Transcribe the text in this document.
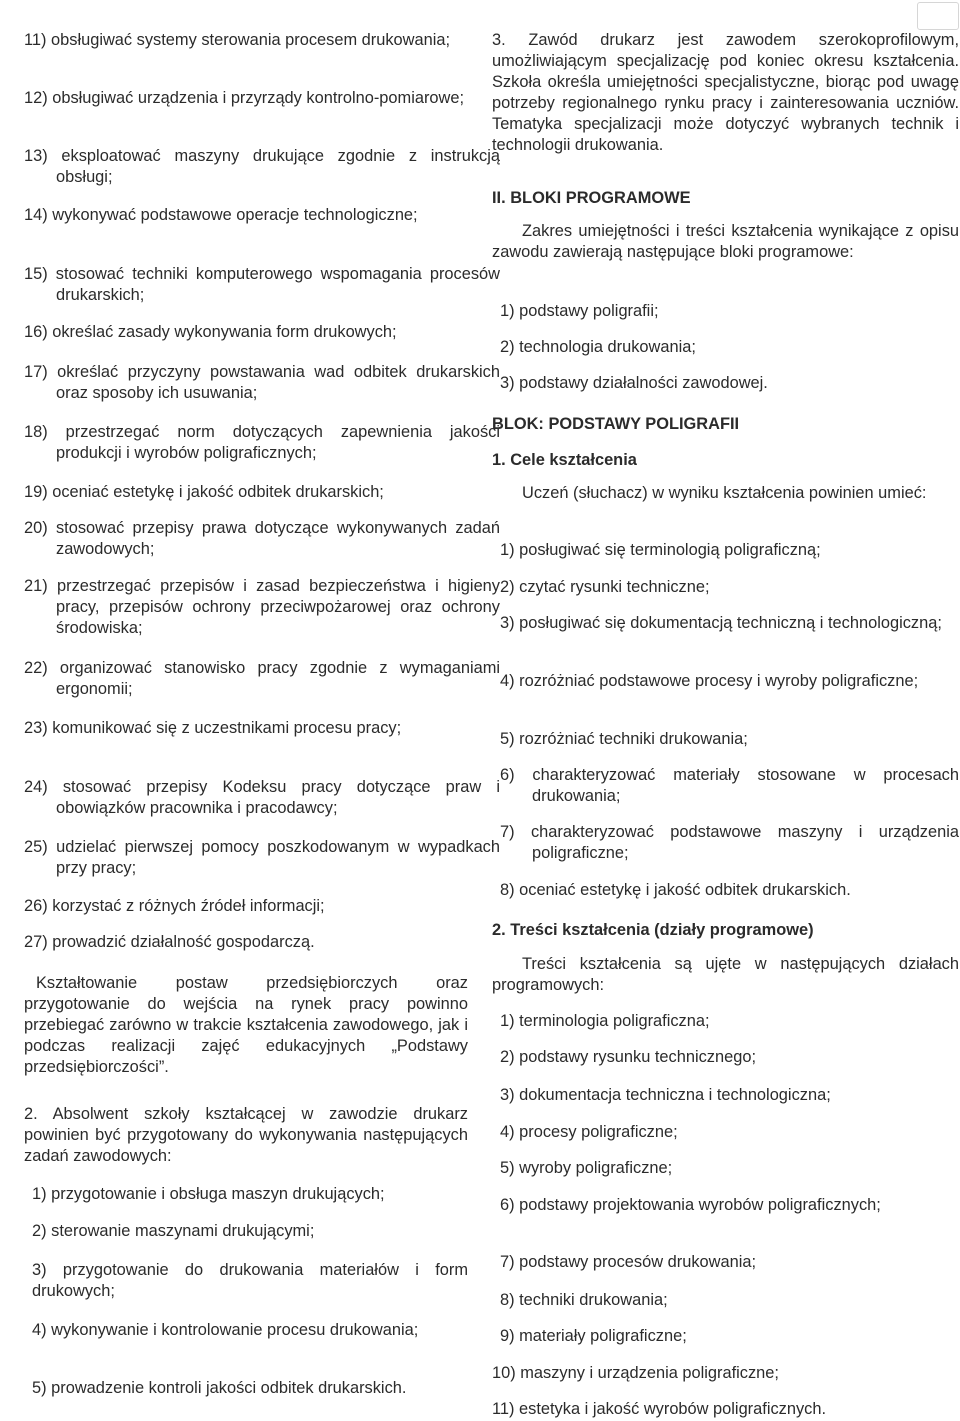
11) obsługiwać systemy sterowania procesem drukowania;

12) obsługiwać urządzenia i przyrządy kontrolno-pomiarowe;

13) eksploatować maszyny drukujące zgodnie z instrukcją obsługi;

14) wykonywać podstawowe operacje technologiczne;

15) stosować techniki komputerowego wspomagania procesów drukarskich;

16) określać zasady wykonywania form drukowych;

17) określać przyczyny powstawania wad odbitek drukarskich oraz sposoby ich usuwania;

18) przestrzegać norm dotyczących zapewnienia jakości produkcji i wyrobów poligraficznych;

19) oceniać estetykę i jakość odbitek drukarskich;

20) stosować przepisy prawa dotyczące wykonywanych zadań zawodowych;

21) przestrzegać przepisów i zasad bezpieczeństwa i higieny pracy, przepisów ochrony przeciwpożarowej oraz ochrony środowiska;

22) organizować stanowisko pracy zgodnie z wymaganiami ergonomii;

23) komunikować się z uczestnikami procesu pracy;

24) stosować przepisy Kodeksu pracy dotyczące praw i obowiązków pracownika i pracodawcy;

25) udzielać pierwszej pomocy poszkodowanym w wypadkach przy pracy;

26) korzystać z różnych źródeł informacji;

27) prowadzić działalność gospodarczą.

Kształtowanie postaw przedsiębiorczych oraz przygotowanie do wejścia na rynek pracy powinno przebiegać zarówno w trakcie kształcenia zawodowego, jak i podczas realizacji zajęć edukacyjnych „Podstawy przedsiębiorczości”.

2. Absolwent szkoły kształcącej w zawodzie drukarz powinien być przygotowany do wykonywania następujących zadań zawodowych:

1) przygotowanie i obsługa maszyn drukujących;

2) sterowanie maszynami drukującymi;

3) przygotowanie do drukowania materiałów i form drukowych;

4) wykonywanie i kontrolowanie procesu drukowania;

5) prowadzenie kontroli jakości odbitek drukarskich.

3. Zawód drukarz jest zawodem szerokoprofilowym, umożliwiającym specjalizację pod koniec okresu kształcenia. Szkoła określa umiejętności specjalistyczne, biorąc pod uwagę potrzeby regionalnego rynku pracy i zainteresowania uczniów. Tematyka specjalizacji może dotyczyć wybranych technik i technologii drukowania.

II. BLOKI PROGRAMOWE

Zakres umiejętności i treści kształcenia wynikające z opisu zawodu zawierają następujące bloki programowe:

1) podstawy poligrafii;

2) technologia drukowania;

3) podstawy działalności zawodowej.

BLOK: PODSTAWY POLIGRAFII

1. Cele kształcenia

Uczeń (słuchacz) w wyniku kształcenia powinien umieć:

1) posługiwać się terminologią poligraficzną;

2) czytać rysunki techniczne;

3) posługiwać się dokumentacją techniczną i technologiczną;

4) rozróżniać podstawowe procesy i wyroby poligraficzne;

5) rozróżniać techniki drukowania;

6) charakteryzować materiały stosowane w procesach drukowania;

7) charakteryzować podstawowe maszyny i urządzenia poligraficzne;

8) oceniać estetykę i jakość odbitek drukarskich.

2. Treści kształcenia (działy programowe)

Treści kształcenia są ujęte w następujących działach programowych:

1) terminologia poligraficzna;

2) podstawy rysunku technicznego;

3) dokumentacja techniczna i technologiczna;

4) procesy poligraficzne;

5) wyroby poligraficzne;

6) podstawy projektowania wyrobów poligraficznych;

7) podstawy procesów drukowania;

8) techniki drukowania;

9) materiały poligraficzne;

10) maszyny i urządzenia poligraficzne;

11) estetyka i jakość wyrobów poligraficznych.
